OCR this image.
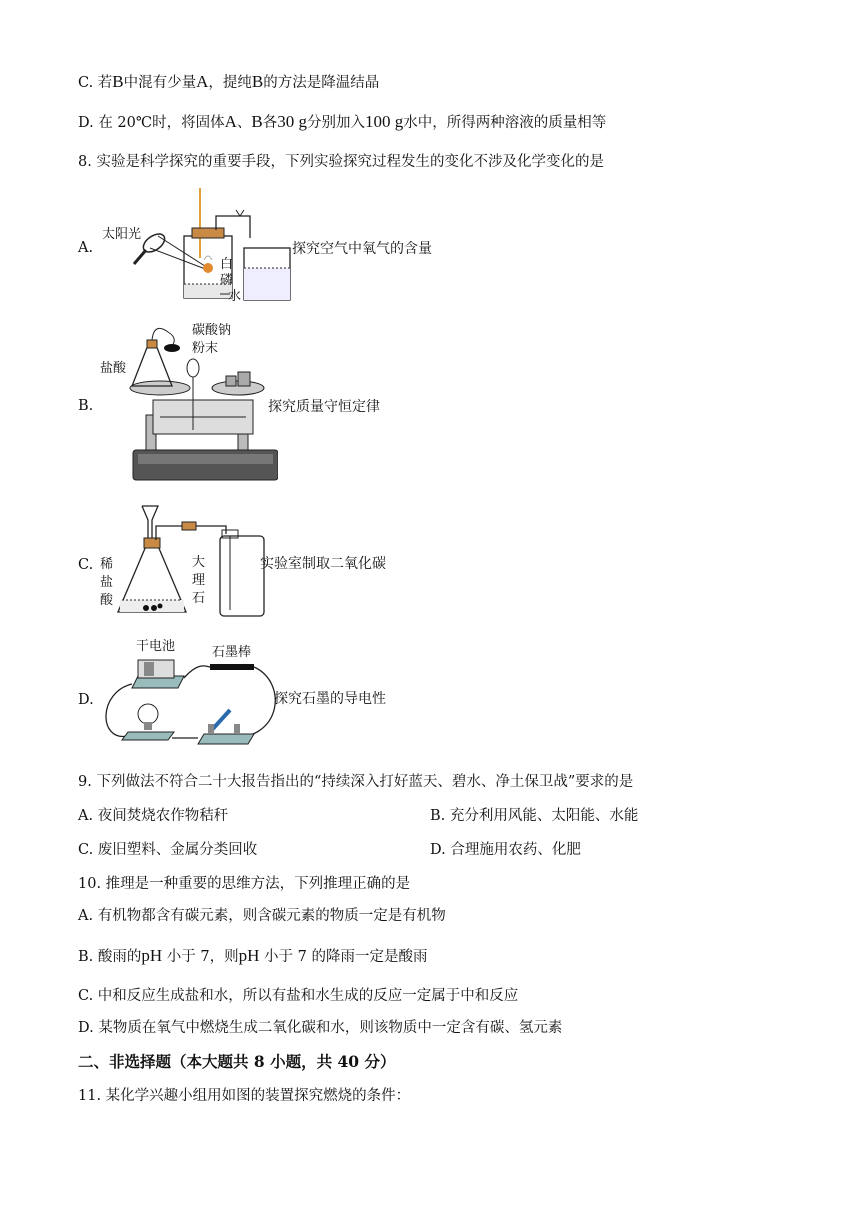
C. 若B中混有少量A，提纯B的方法是降温结晶
D. 在 20℃时，将固体A、B各30 g分别加入100 g水中，所得两种溶液的质量相等
8. 实验是科学探究的重要手段，下列实验探究过程发生的变化不涉及化学变化的是
A.
太阳光
白
磷
水
探究空气中氧气的含量
B.
碳酸钠
粉末
盐酸
探究质量守恒定律
C. 稀
盐
酸
大
理
石
实验室制取二氧化碳
D.
干电池	石墨棒
探究石墨的导电性
9. 下列做法不符合二十大报告指出的“持续深入打好蓝天、碧水、净土保卫战”要求的是
A. 夜间焚烧农作物秸秆	B. 充分利用风能、太阳能、水能
C. 废旧塑料、金属分类回收	D. 合理施用农药、化肥
10. 推理是一种重要的思维方法，下列推理正确的是
A. 有机物都含有碳元素，则含碳元素的物质一定是有机物
B. 酸雨的pH 小于 7，则pH 小于 7 的降雨一定是酸雨
C. 中和反应生成盐和水，所以有盐和水生成的反应一定属于中和反应
D. 某物质在氧气中燃烧生成二氧化碳和水，则该物质中一定含有碳、氢元素
二、非选择题（本大题共 8 小题，共 40 分）
11. 某化学兴趣小组用如图的装置探究燃烧的条件：
